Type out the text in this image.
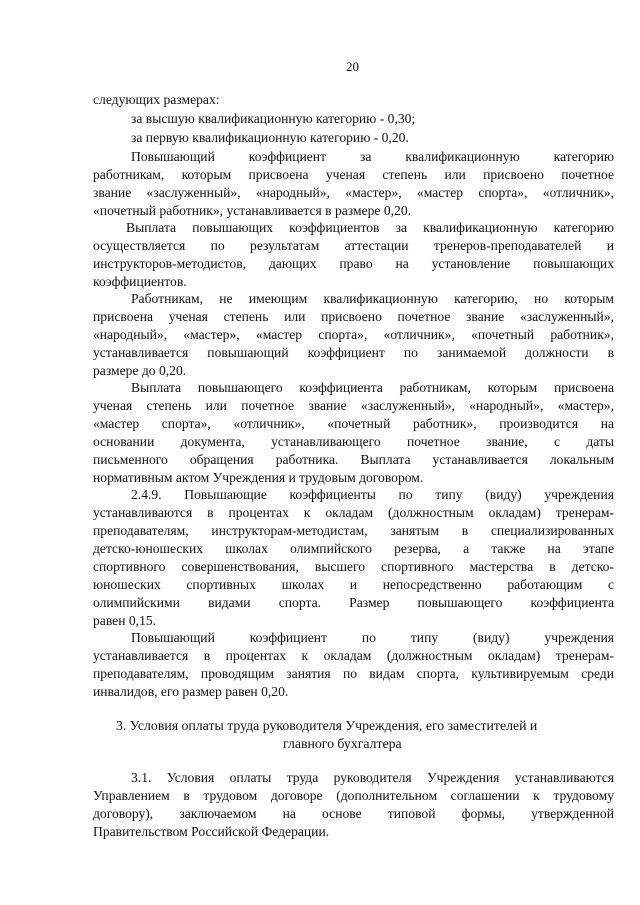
20

следующих размерах:

за высшую квалификационную категорию - 0,30;

за первую квалификационную категорию - 0,20.

Повышающий коэффициент за квалификационную категорию

работникам, которым присвоена ученая степень или присвоено почетное

звание «заслуженный», «народный», «мастер», «мастер спорта», «отличник»,

«почетный работник», устанавливается в размере 0,20.

Выплата повышающих коэффициентов за квалификационную категорию

осуществляется по результатам аттестации тренеров-преподавателей и

инструкторов-методистов, дающих право на установление повышающих

коэффициентов.

Работникам, не имеющим квалификационную категорию, но которым

присвоена ученая степень или присвоено почетное звание «заслуженный»,

«народный», «мастер», «мастер спорта», «отличник», «почетный работник»,

устанавливается повышающий коэффициент по занимаемой должности в

размере до 0,20.

Выплата повышающего коэффициента работникам, которым присвоена

ученая степень или почетное звание «заслуженный», «народный», «мастер»,

«мастер спорта», «отличник», «почетный работник», производится на

основании документа, устанавливающего почетное звание, с даты

письменного обращения работника. Выплата устанавливается локальным

нормативным актом Учреждения и трудовым договором.

2.4.9. Повышающие коэффициенты по типу (виду) учреждения

устанавливаются в процентах к окладам (должностным окладам) тренерам-

преподавателям, инструкторам-методистам, занятым в специализированных

детско-юношеских школах олимпийского резерва, а также на этапе

спортивного совершенствования, высшего спортивного мастерства в детско-

юношеских спортивных школах и непосредственно работающим с

олимпийскими видами спорта. Размер повышающего коэффициента

равен 0,15.

Повышающий коэффициент по типу (виду) учреждения

устанавливается в процентах к окладам (должностным окладам) тренерам-

преподавателям, проводящим занятия по видам спорта, культивируемым среди

инвалидов, его размер равен 0,20.

3. Условия оплаты труда руководителя Учреждения, его заместителей и

главного бухгалтера

3.1. Условия оплаты труда руководителя Учреждения устанавливаются

Управлением в трудовом договоре (дополнительном соглашении к трудовому

договору), заключаемом на основе типовой формы, утвержденной

Правительством Российской Федерации.
